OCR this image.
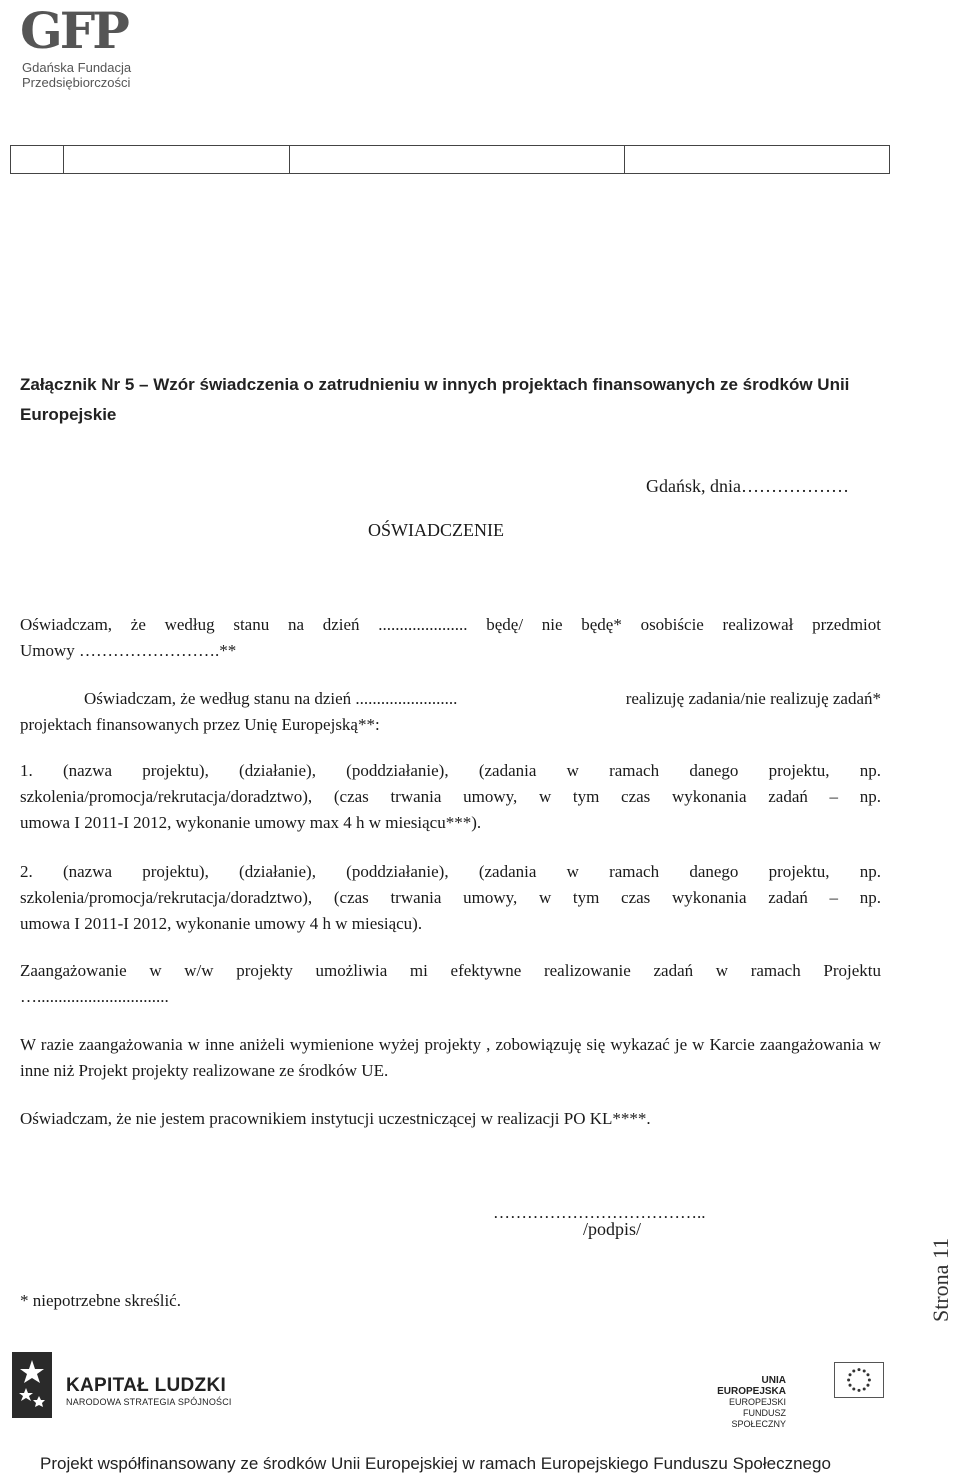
GFP
Gdańska Fundacja
Przedsiębiorczości
Załącznik Nr 5 – Wzór świadczenia o zatrudnieniu w innych projektach finansowanych ze środków Unii Europejskie
Gdańsk, dnia………………
OŚWIADCZENIE
Oświadczam, że według stanu na dzień ..................... będę/ nie będę* osobiście realizował przedmiot
Umowy …………………….**
Oświadczam, że według stanu na dzień ........................	realizuję zadania/nie realizuję zadań*
projektach finansowanych przez Unię Europejską**:
1. (nazwa projektu), (działanie), (poddziałanie), (zadania w ramach danego projektu, np.
szkolenia/promocja/rekrutacja/doradztwo), (czas trwania umowy, w tym czas wykonania zadań – np.
umowa I 2011-I 2012, wykonanie umowy max 4 h w miesiącu***).
2. (nazwa projektu), (działanie), (poddziałanie), (zadania w ramach danego projektu, np.
szkolenia/promocja/rekrutacja/doradztwo), (czas trwania umowy, w tym czas wykonania zadań – np.
umowa I 2011-I 2012, wykonanie umowy 4 h w miesiącu).
Zaangażowanie w w/w projekty umożliwia mi efektywne realizowanie zadań w ramach Projektu
…...............................
W razie zaangażowania w inne aniżeli wymienione wyżej projekty , zobowiązuję się wykazać je w Karcie zaangażowania w inne niż Projekt projekty realizowane ze środków UE.
Oświadczam, że nie jestem pracownikiem instytucji uczestniczącej w realizacji PO KL****.
………………………………..
/podpis/
* niepotrzebne skreślić.	Strona 11
KAPITAŁ LUDZKI
NARODOWA STRATEGIA SPÓJNOŚCI
UNIA EUROPEJSKA
EUROPEJSKI
FUNDUSZ SPOŁECZNY
Projekt współfinansowany ze środków Unii Europejskiej w ramach Europejskiego Funduszu Społecznego
